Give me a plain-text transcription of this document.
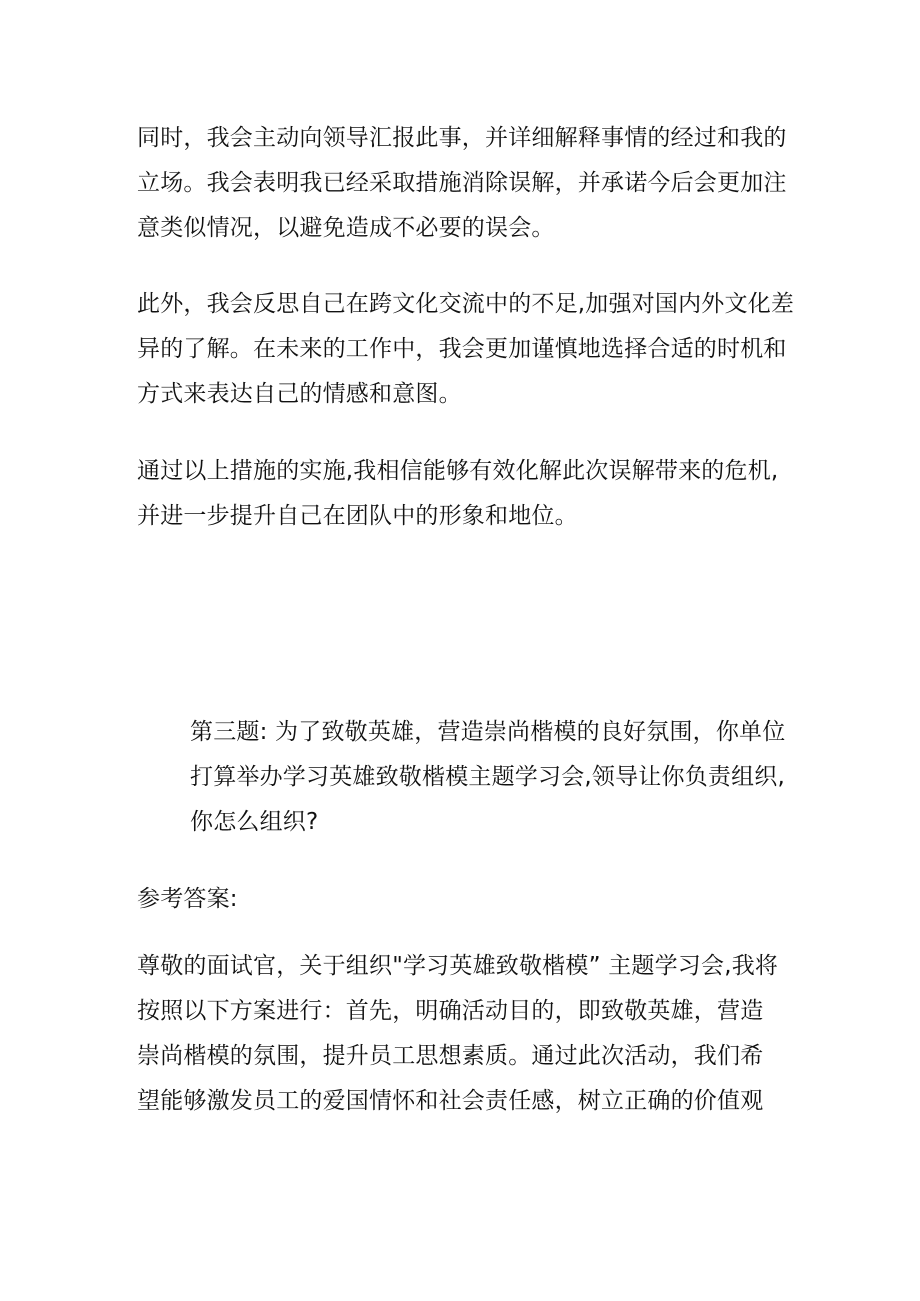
同时，我会主动向领导汇报此事，并详细解释事情的经过和我的
立场。我会表明我已经采取措施消除误解，并承诺今后会更加注
意类似情况，以避免造成不必要的误会。

此外，我会反思自己在跨文化交流中的不足,加强对国内外文化差
异的了解。在未来的工作中，我会更加谨慎地选择合适的时机和
方式来表达自己的情感和意图。

通过以上措施的实施,我相信能够有效化解此次误解带来的危机,
并进一步提升自己在团队中的形象和地位。

第三题: 为了致敬英雄，营造崇尚楷模的良好氛围，你单位
打算举办学习英雄致敬楷模主题学习会,领导让你负责组织,
你怎么组织?

参考答案:

尊敬的面试官，关于组织"学习英雄致敬楷模” 主题学习会,我将
按照以下方案进行：首先，明确活动目的，即致敬英雄，营造
崇尚楷模的氛围，提升员工思想素质。通过此次活动，我们希
望能够激发员工的爱国情怀和社会责任感，树立正确的价值观
